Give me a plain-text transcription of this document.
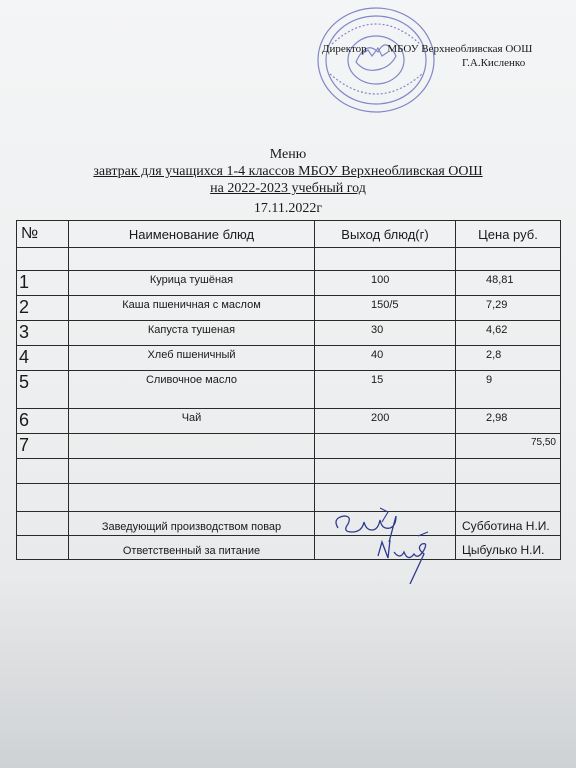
Директор МБОУ Верхнеобливская ООШ
Г.А.Кисленко
Меню
завтрак для учащихся 1-4 классов МБОУ Верхнеобливская ООШ
на 2022-2023 учебный год
17.11.2022г
№	Наименование блюд	Выход блюд(г)	Цена руб.

1	Курица тушёная	100	48,81
2	Каша пшеничная с маслом	150/5	7,29
3	Капуста тушеная	30	4,62
4	Хлеб пшеничный	40	2,8
5	Сливочное масло	15	9
6	Чай	200	2,98
7			75,50

	Заведующий производством повар		Субботина Н.И.
	Ответственный за питание		Цыбулько Н.И.
